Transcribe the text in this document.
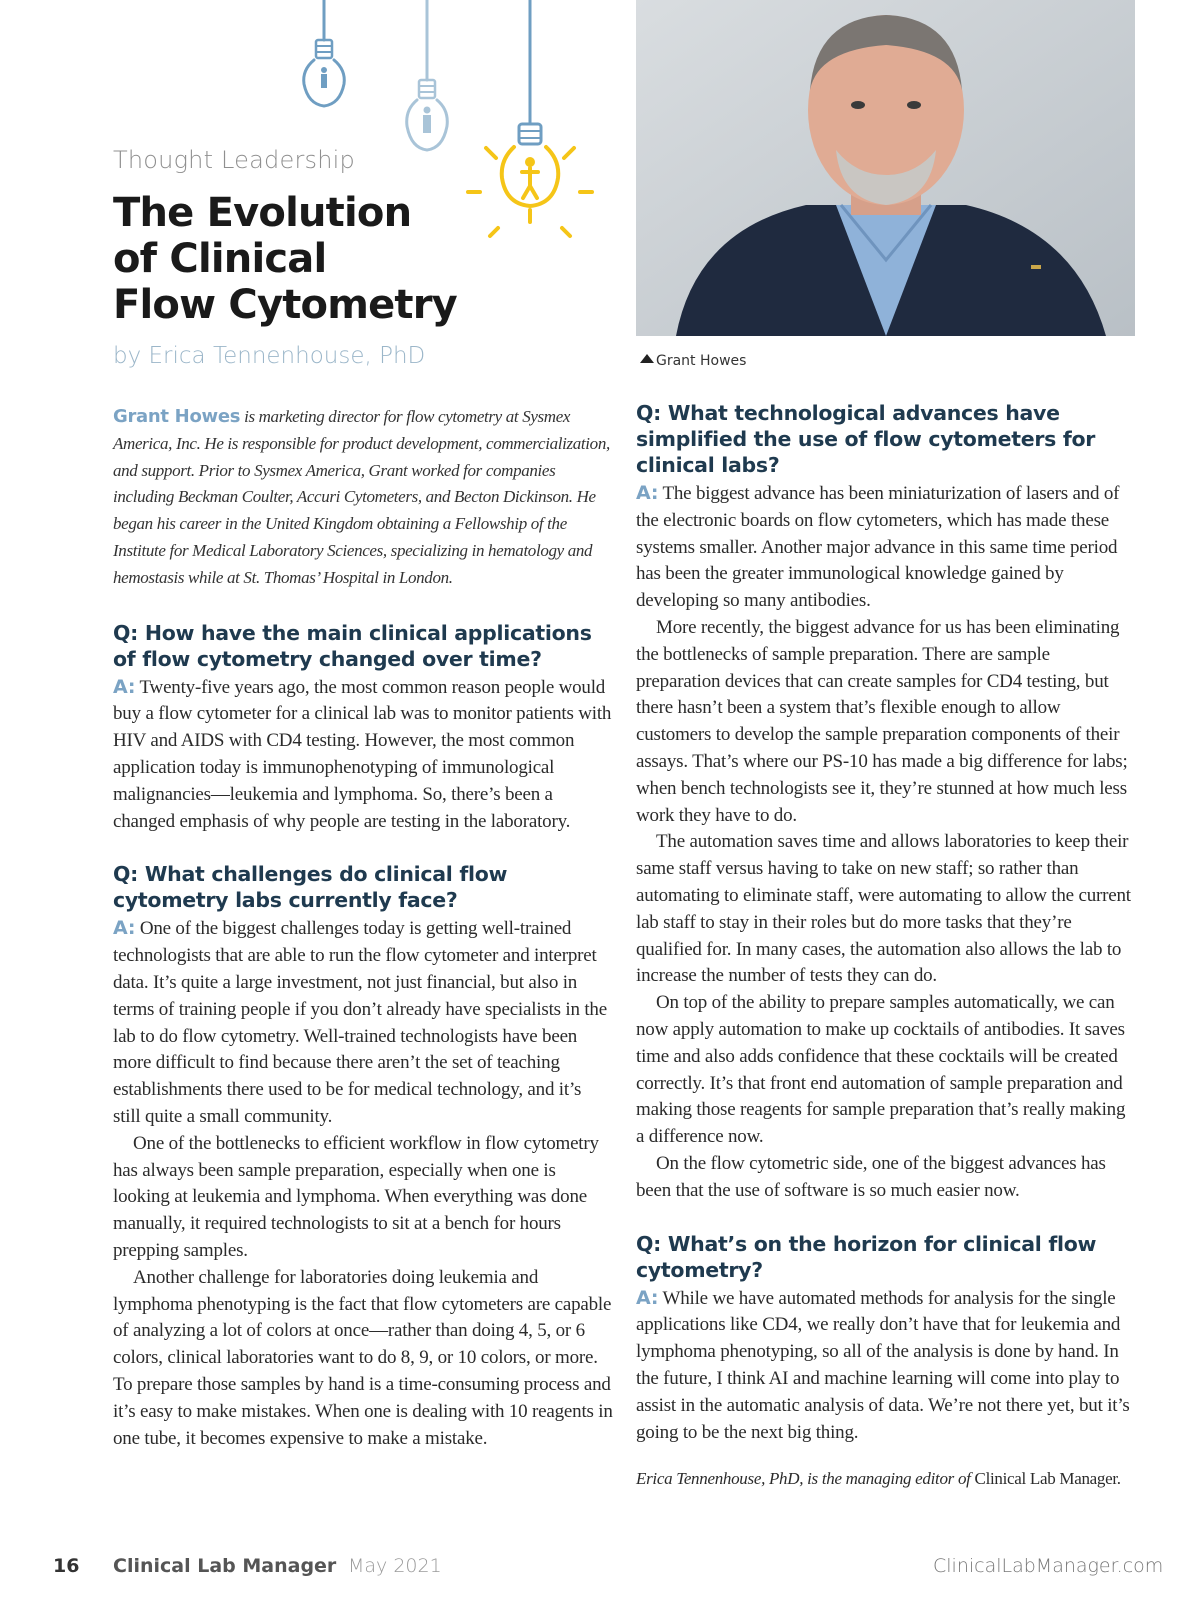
Thought Leadership
The Evolution
of Clinical
Flow Cytometry
by Erica Tennenhouse, PhD	Grant Howes

Grant Howes is marketing director for flow cytometry at Sysmex America, Inc. He is responsible for product development, commercialization, and support. Prior to Sysmex America, Grant worked for companies including Beckman Coulter, Accuri Cytometers, and Becton Dickinson. He began his career in the United Kingdom obtaining a Fellowship of the Institute for Medical Laboratory Sciences, specializing in hematology and hemostasis while at St. Thomas’ Hospital in London.

Q: How have the main clinical applications of flow cytometry changed over time?

A: Twenty-five years ago, the most common reason people would buy a flow cytometer for a clinical lab was to monitor patients with HIV and AIDS with CD4 testing. However, the most common application today is immunophenotyping of immunological malignancies—leukemia and lymphoma. So, there’s been a changed emphasis of why people are testing in the laboratory.

Q: What challenges do clinical flow cytometry labs currently face?

A: One of the biggest challenges today is getting well-trained technologists that are able to run the flow cytometer and interpret data. It’s quite a large investment, not just financial, but also in terms of training people if you don’t already have specialists in the lab to do flow cytometry. Well-trained technologists have been more difficult to find because there aren’t the set of teaching establishments there used to be for medical technology, and it’s still quite a small community.

One of the bottlenecks to efficient workflow in flow cytometry has always been sample preparation, especially when one is looking at leukemia and lymphoma. When everything was done manually, it required technologists to sit at a bench for hours prepping samples.

Another challenge for laboratories doing leukemia and lymphoma phenotyping is the fact that flow cytometers are capable of analyzing a lot of colors at once—rather than doing 4, 5, or 6 colors, clinical laboratories want to do 8, 9, or 10 colors, or more. To prepare those samples by hand is a time-consuming process and it’s easy to make mistakes. When one is dealing with 10 reagents in one tube, it becomes expensive to make a mistake.

Q: What technological advances have simplified the use of flow cytometers for clinical labs?

A: The biggest advance has been miniaturization of lasers and of the electronic boards on flow cytometers, which has made these systems smaller. Another major advance in this same time period has been the greater immunological knowledge gained by developing so many antibodies.

More recently, the biggest advance for us has been eliminating the bottlenecks of sample preparation. There are sample preparation devices that can create samples for CD4 testing, but there hasn’t been a system that’s flexible enough to allow customers to develop the sample preparation components of their assays. That’s where our PS-10 has made a big difference for labs; when bench technologists see it, they’re stunned at how much less work they have to do.

The automation saves time and allows laboratories to keep their same staff versus having to take on new staff; so rather than automating to eliminate staff, were automating to allow the current lab staff to stay in their roles but do more tasks that they’re qualified for. In many cases, the automation also allows the lab to increase the number of tests they can do.

On top of the ability to prepare samples automatically, we can now apply automation to make up cocktails of antibodies. It saves time and also adds confidence that these cocktails will be created correctly. It’s that front end automation of sample preparation and making those reagents for sample preparation that’s really making a difference now.

On the flow cytometric side, one of the biggest advances has been that the use of software is so much easier now.

Q: What’s on the horizon for clinical flow cytometry?

A: While we have automated methods for analysis for the single applications like CD4, we really don’t have that for leukemia and lymphoma phenotyping, so all of the analysis is done by hand. In the future, I think AI and machine learning will come into play to assist in the automatic analysis of data. We’re not there yet, but it’s going to be the next big thing.

Erica Tennenhouse, PhD, is the managing editor of Clinical Lab Manager.

16 Clinical Lab Manager May 2021	ClinicalLabManager.com
